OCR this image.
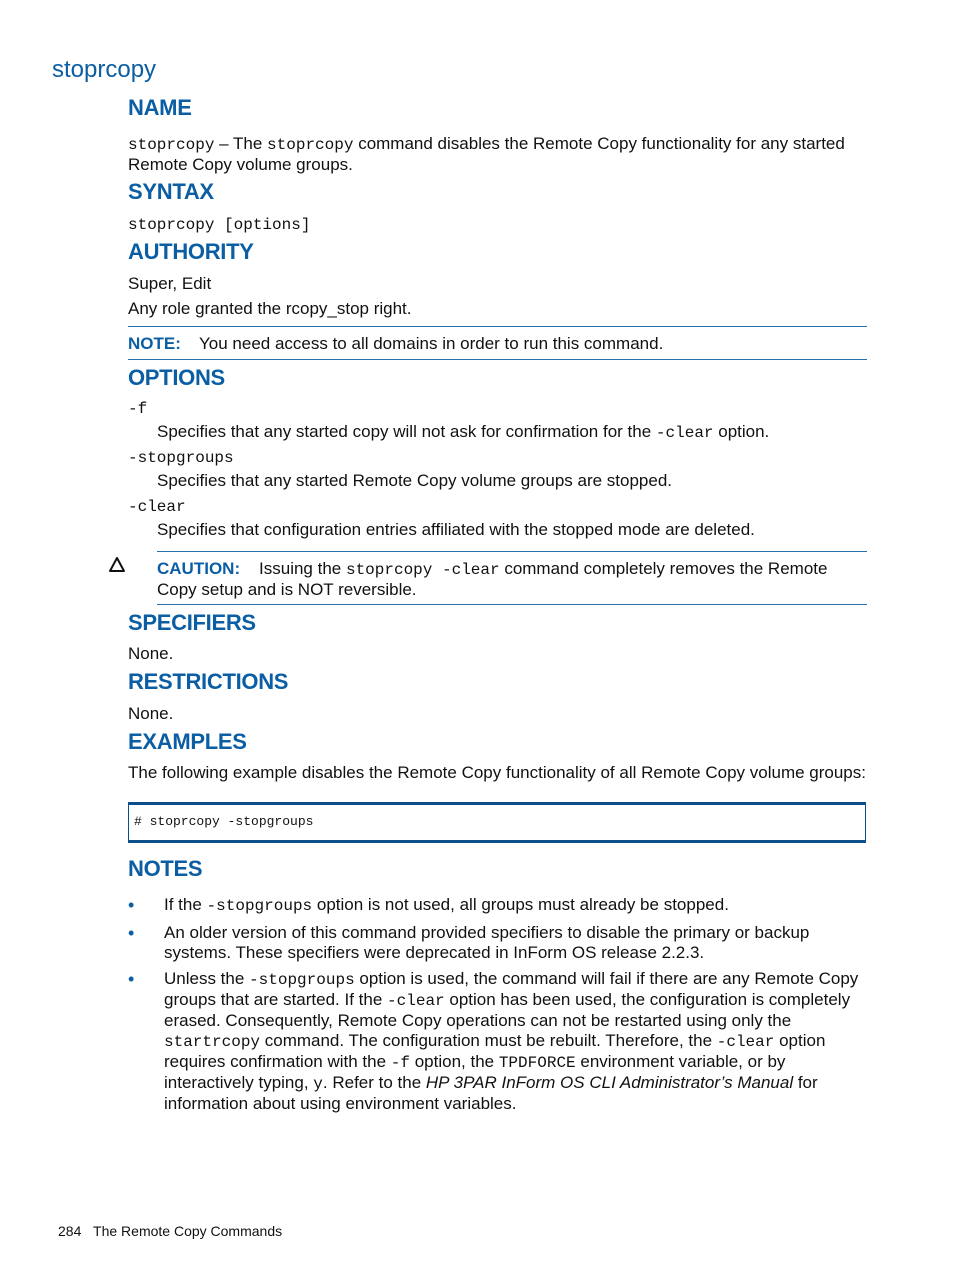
stoprcopy
NAME
stoprcopy – The stoprcopy command disables the Remote Copy functionality for any started Remote Copy volume groups.
SYNTAX
stoprcopy [options]
AUTHORITY
Super, Edit
Any role granted the rcopy_stop right.
NOTE: You need access to all domains in order to run this command.
OPTIONS
-f
Specifies that any started copy will not ask for confirmation for the -clear option.
-stopgroups
Specifies that any started Remote Copy volume groups are stopped.
-clear
Specifies that configuration entries affiliated with the stopped mode are deleted.
CAUTION: Issuing the stoprcopy -clear command completely removes the Remote Copy setup and is NOT reversible.
SPECIFIERS
None.
RESTRICTIONS
None.
EXAMPLES
The following example disables the Remote Copy functionality of all Remote Copy volume groups:
# stoprcopy -stopgroups
NOTES
• If the -stopgroups option is not used, all groups must already be stopped.
• An older version of this command provided specifiers to disable the primary or backup systems. These specifiers were deprecated in InForm OS release 2.2.3.
• Unless the -stopgroups option is used, the command will fail if there are any Remote Copy groups that are started. If the -clear option has been used, the configuration is completely erased. Consequently, Remote Copy operations can not be restarted using only the startrcopy command. The configuration must be rebuilt. Therefore, the -clear option requires confirmation with the -f option, the TPDFORCE environment variable, or by interactively typing, y. Refer to the HP 3PAR InForm OS CLI Administrator’s Manual for information about using environment variables.
284 The Remote Copy Commands
